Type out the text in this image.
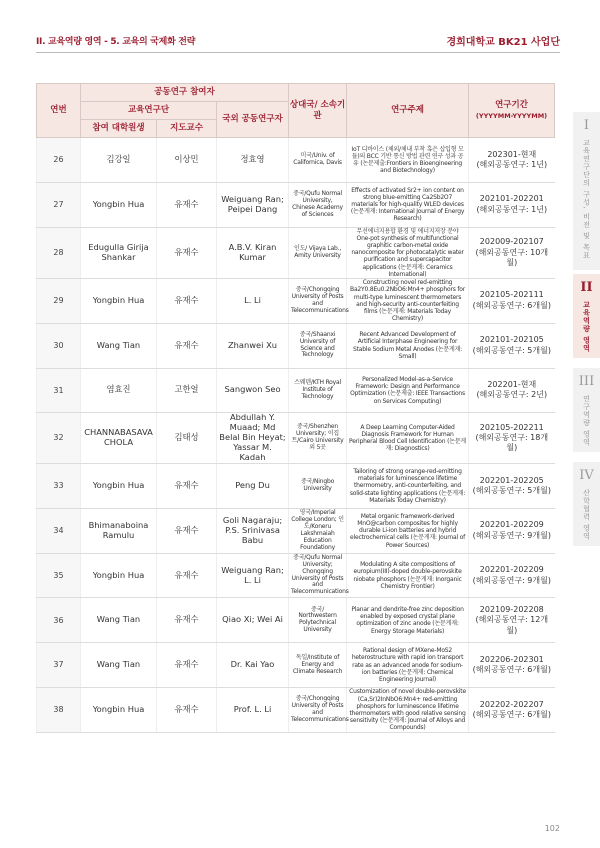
II. 교육역량 영역 - 5. 교육의 국제화 전략	경희대학교 BK21 사업단
연번	공동연구 참여자			상대국/ 소속기관	연구주제	연구기간
(YYYYMM-YYYYMM)
	교육연구단		국외 공동연구자			
	참여 대학원생	지도교수				
26	김강일	이상민	정효영	미국/Univ. of Californica, Davis	IoT 디바이스 (체외/체내 부착 혹은 삽입형 모듈)의 BCC 기반 통신 방법 관련 연구 성과 공유 (논문제출:Frontiers in Bioengineering and Biotechnology)	202301-현재
(해외공동연구: 1년)
27	Yongbin Hua	유재수	Weiguang Ran; Peipei Dang	중국/Qufu Normal University, Chinese Academy of Sciences	Effects of activated Sr2+ ion content on strong blue-emitting Ca2Sb2O7 materials for high-quality WLED devices (논문게재: International Journal of Energy Research)	202101-202201
(해외공동연구: 1년)
28	Edugulla Girija Shankar	유재수	A.B.V. Kiran Kumar	인도/ Vijaya Lab., Amity University	무선에너지용합 환경 및 에너지저장 분야 One-pot synthesis of multifunctional graphitic carbon-metal oxide nanocomposite for photocatalytic water purification and supercapacitor applications (논문게재: Ceramics International)	202009-202107
(해외공동연구: 10개월)
29	Yongbin Hua	유재수	L. Li	중국/Chongqing University of Posts and Telecommunications	Constructing novel red-emitting Ba2Y0.8Eu0.2NbO6:Mn4+ phosphors for multi-type luminescent thermometers and high-security anti-counterfeiting films (논문게재: Materials Today Chemistry)	202105-202111
(해외공동연구: 6개월)
30	Wang Tian	유재수	Zhanwei Xu	중국/Shaanxi University of Science and Technology	Recent Advanced Development of Artificial Interphase Engineering for Stable Sodium Metal Anodes (논문게재: Small)	202101-202105
(해외공동연구: 5개월)
31	염효진	고한얼	Sangwon Seo	스웨덴/KTH Royal Institute of Technology	Personalized Model-as-a-Service Framework: Design and Performance Optimization (논문제출: IEEE Transactions on Services Computing)	202201-현재
(해외공동연구: 2년)
32	CHANNABASAVA CHOLA	김태성	Abdullah Y. Muaad; Md Belal Bin Heyat; Yassar M. Kadah	중국/Shenzhen University; 이집트/Cairo University 외 5곳	A Deep Learning Computer-Aided Diagnosis Framework for Human Peripheral Blood Cell Identification (논문게재: Diagnostics)	202105-202211
(해외공동연구: 18개월)
33	Yongbin Hua	유재수	Peng Du	중국/Ningbo University	Tailoring of strong orange-red-emitting materials for luminescence lifetime thermometry, anti-counterfeiting, and solid-state lighting applications (논문게재: Materials Today Chemistry)	202201-202205
(해외공동연구: 5개월)
34	Bhimanaboina Ramulu	유재수	Goli Nagaraju; P.S. Srinivasa Babu	영국/Imperial College London; 인도/Koneru Lakshmaiah Education Foundationy	Metal organic framework-derived MnO@carbon composites for highly durable Li-ion batteries and hybrid electrochemical cells (논문게재: Journal of Power Sources)	202201-202209
(해외공동연구: 9개월)
35	Yongbin Hua	유재수	Weiguang Ran; L. Li	중국/Qufu Normal University; Chongqing University of Posts and Telecommunications	Modulating A site compositions of europium(III)-doped double-perovskite niobate phosphors (논문게재: Inorganic Chemistry Frontier)	202201-202209
(해외공동연구: 9개월)
36	Wang Tian	유재수	Qiao Xi; Wei Ai	중국/ Northwestern Polytechnical University	Planar and dendrite-free zinc deposition enabled by exposed crystal plane optimization of zinc anode (논문게재: Energy Storage Materials)	202109-202208
(해외공동연구: 12개월)
37	Wang Tian	유재수	Dr. Kai Yao	독일/Institute of Energy and Climate Research	Rational design of MXene-MoS2 heterostructure with rapid ion transport rate as an advanced anode for sodium-ion batteries (논문게재: Chemical Engineering Journal)	202206-202301
(해외공동연구: 6개월)
38	Yongbin Hua	유재수	Prof. L. Li	중국/Chongqing University of Posts and Telecommunications	Customization of novel double-perovskite (Ca,Sr)2InNbO6:Mn4+ red-emitting phosphors for luminescence lifetime thermometers with good relative sensing sensitivity (논문게재: Journal of Alloys and Compounds)	202202-202207
(해외공동연구: 6개월)
I
교육연구단의 구성, 비전 및 목표
II
교육역량 영역
III
연구역량 영역
IV
산학협력 영역
102
